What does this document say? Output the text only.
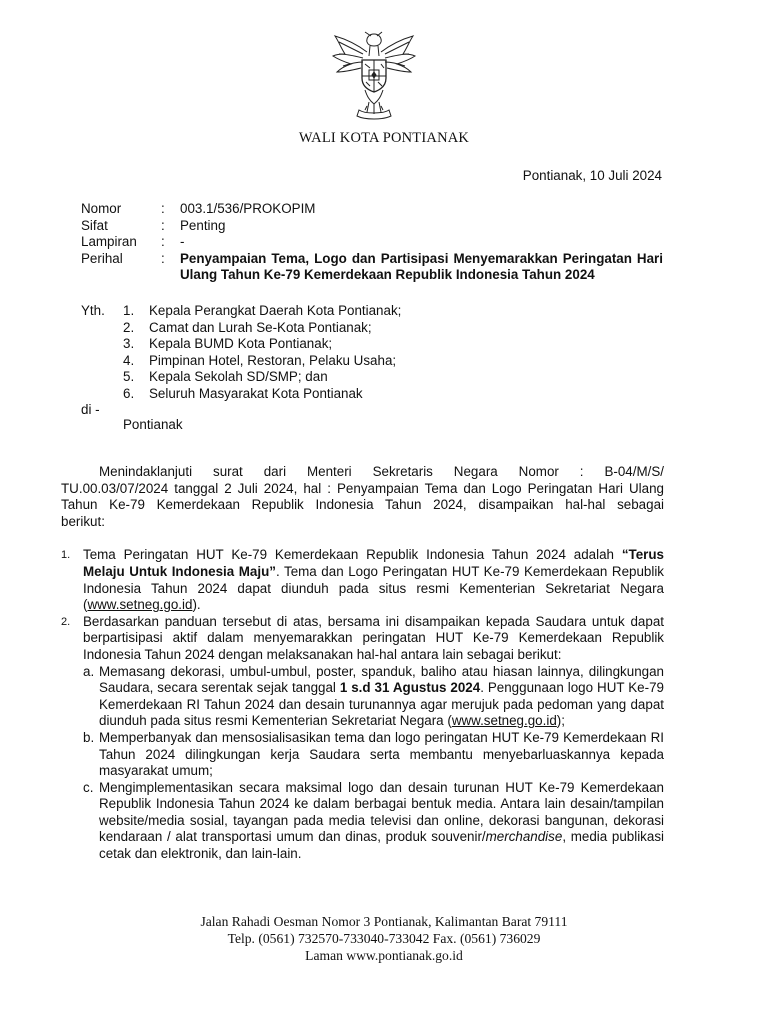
WALI KOTA PONTIANAK
Pontianak, 10 Juli 2024
Nomor	:	003.1/536/PROKOPIM
Sifat	:	Penting
Lampiran	:	-
Perihal	:	Penyampaian Tema, Logo dan Partisipasi Menyemarakkan Peringatan Hari Ulang Tahun Ke-79 Kemerdekaan Republik Indonesia Tahun 2024
Yth. 1.	Kepala Perangkat Daerah Kota Pontianak;
2.	Camat dan Lurah Se-Kota Pontianak;
3.	Kepala BUMD Kota Pontianak;
4.	Pimpinan Hotel, Restoran, Pelaku Usaha;
5.	Kepala Sekolah SD/SMP; dan
6.	Seluruh Masyarakat Kota Pontianak
di -
Pontianak

Menindaklanjuti surat dari Menteri Sekretaris Negara Nomor : B-04/M/S/
TU.00.03/07/2024 tanggal 2 Juli 2024, hal : Penyampaian Tema dan Logo Peringatan Hari Ulang
Tahun Ke-79 Kemerdekaan Republik Indonesia Tahun 2024, disampaikan hal-hal sebagai
berikut:

1. Tema Peringatan HUT Ke-79 Kemerdekaan Republik Indonesia Tahun 2024 adalah “Terus Melaju Untuk Indonesia Maju”. Tema dan Logo Peringatan HUT Ke-79 Kemerdekaan Republik Indonesia Tahun 2024 dapat diunduh pada situs resmi Kementerian Sekretariat Negara (www.setneg.go.id).
2. Berdasarkan panduan tersebut di atas, bersama ini disampaikan kepada Saudara untuk dapat berpartisipasi aktif dalam menyemarakkan peringatan HUT Ke-79 Kemerdekaan Republik Indonesia Tahun 2024 dengan melaksanakan hal-hal antara lain sebagai berikut:
a. Memasang dekorasi, umbul-umbul, poster, spanduk, baliho atau hiasan lainnya, dilingkungan Saudara, secara serentak sejak tanggal 1 s.d 31 Agustus 2024. Penggunaan logo HUT Ke-79 Kemerdekaan RI Tahun 2024 dan desain turunannya agar merujuk pada pedoman yang dapat diunduh pada situs resmi Kementerian Sekretariat Negara (www.setneg.go.id);
b. Memperbanyak dan mensosialisasikan tema dan logo peringatan HUT Ke-79 Kemerdekaan RI Tahun 2024 dilingkungan kerja Saudara serta membantu menyebarluaskannya kepada masyarakat umum;
c. Mengimplementasikan secara maksimal logo dan desain turunan HUT Ke-79 Kemerdekaan Republik Indonesia Tahun 2024 ke dalam berbagai bentuk media. Antara lain desain/tampilan website/media sosial, tayangan pada media televisi dan online, dekorasi bangunan, dekorasi kendaraan / alat transportasi umum dan dinas, produk souvenir/merchandise, media publikasi cetak dan elektronik, dan lain-lain.
Jalan Rahadi Oesman Nomor 3 Pontianak, Kalimantan Barat 79111
Telp. (0561) 732570-733040-733042 Fax. (0561) 736029
Laman www.pontianak.go.id
